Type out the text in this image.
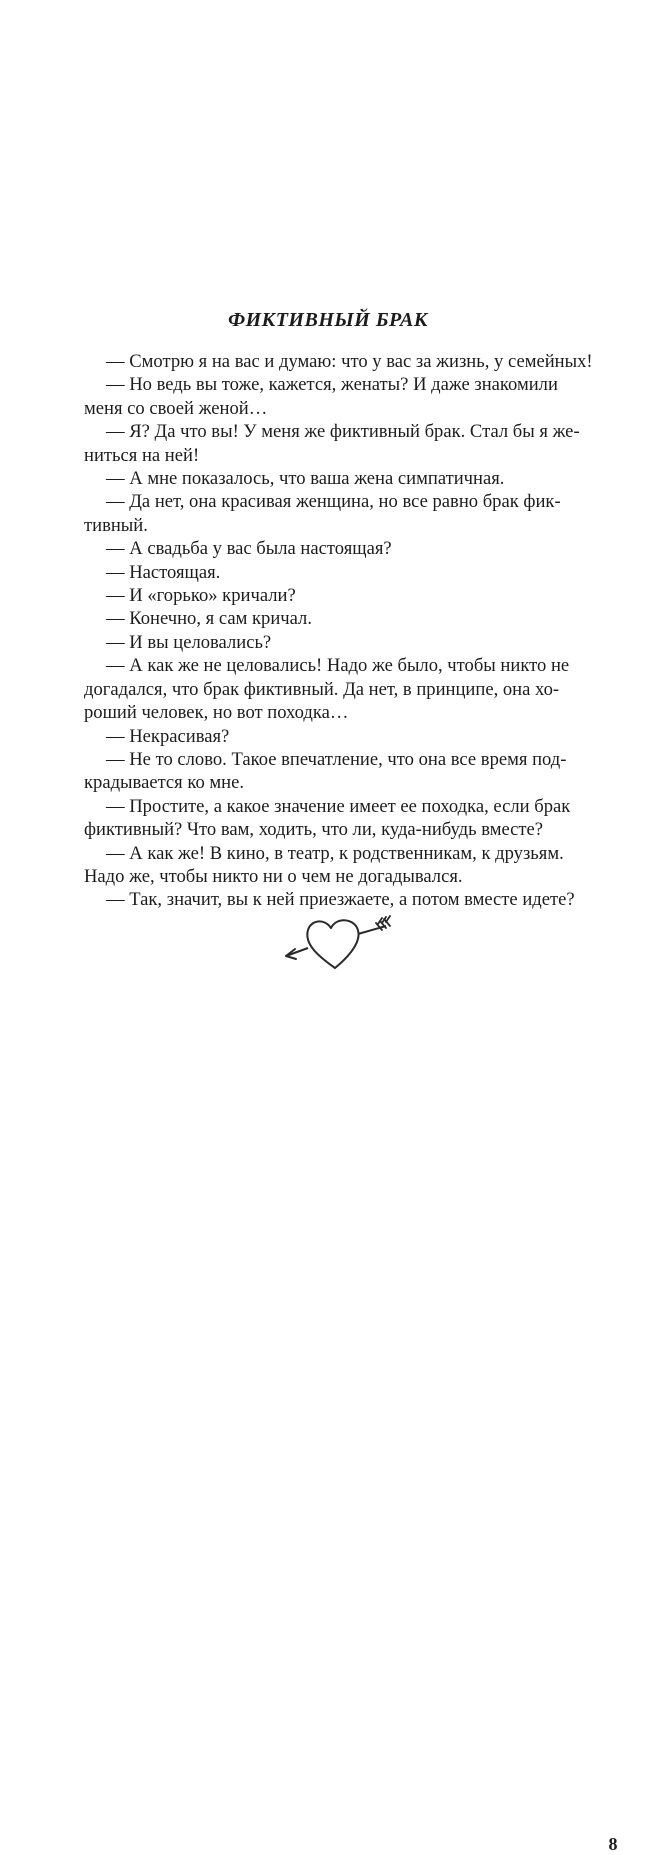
ФИКТИВНЫЙ БРАК
— Смотрю я на вас и думаю: что у вас за жизнь, у семейных!
— Но ведь вы тоже, кажется, женаты? И даже знакомили
меня со своей женой…
— Я? Да что вы! У меня же фиктивный брак. Стал бы я же-
ниться на ней!
— А мне показалось, что ваша жена симпатичная.
— Да нет, она красивая женщина, но все равно брак фик-
тивный.
— А свадьба у вас была настоящая?
— Настоящая.
— И «горько» кричали?
— Конечно, я сам кричал.
— И вы целовались?
— А как же не целовались! Надо же было, чтобы никто не
догадался, что брак фиктивный. Да нет, в принципе, она хо-
роший человек, но вот походка…
— Некрасивая?
— Не то слово. Такое впечатление, что она все время под-
крадывается ко мне.
— Простите, а какое значение имеет ее походка, если брак
фиктивный? Что вам, ходить, что ли, куда-нибудь вместе?
— А как же! В кино, в театр, к родственникам, к друзьям.
Надо же, чтобы никто ни о чем не догадывался.
— Так, значит, вы к ней приезжаете, а потом вместе идете?
8
